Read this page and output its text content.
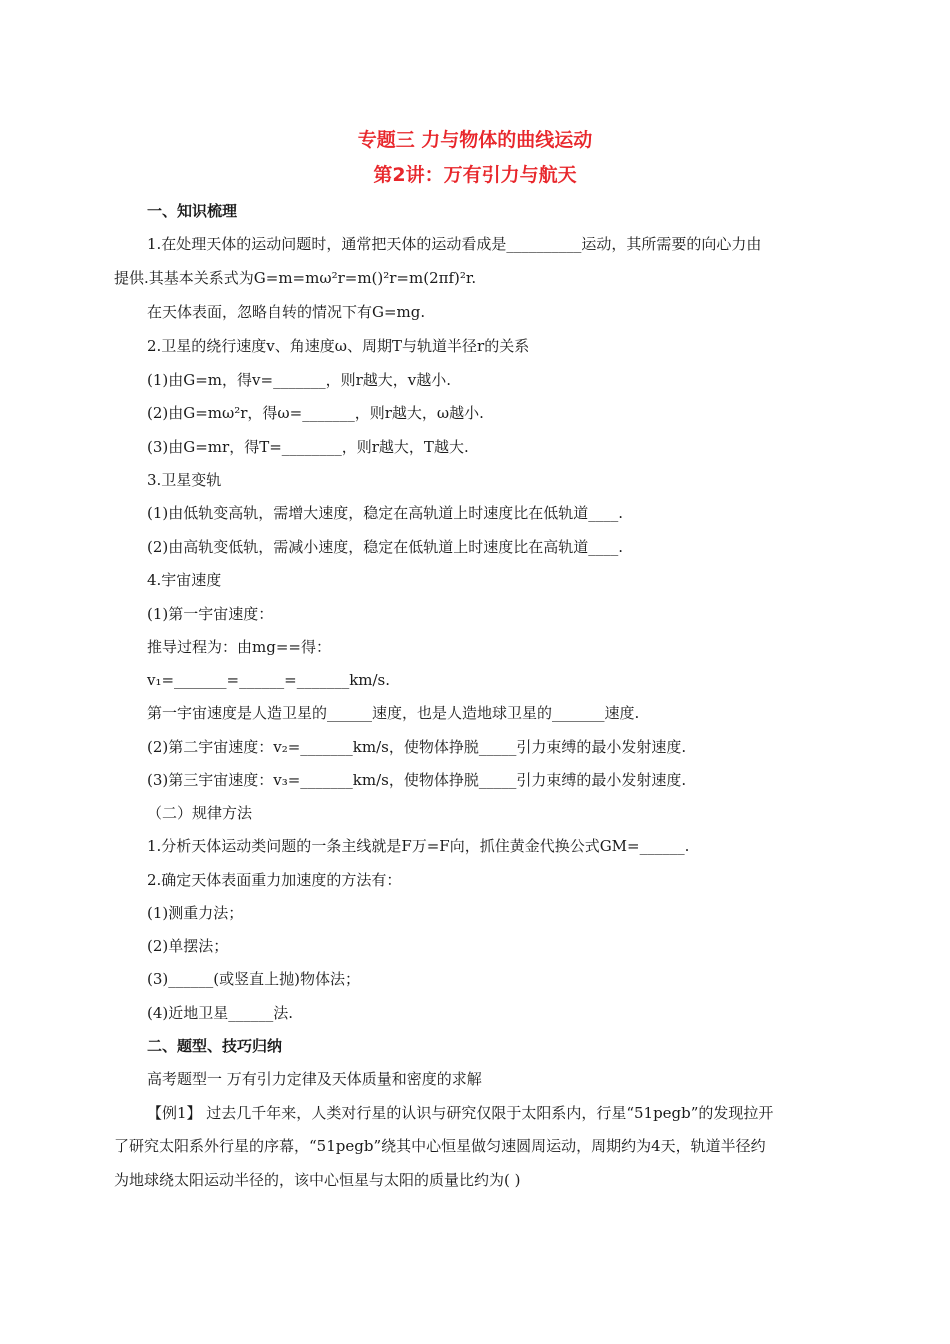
专题三 力与物体的曲线运动
第2讲：万有引力与航天
一、知识梳理
1.在处理天体的运动问题时，通常把天体的运动看成是__________运动，其所需要的向心力由
提供.其基本关系式为G=m=mω²r=m()²r=m(2πf)²r.
在天体表面，忽略自转的情况下有G=mg.
2.卫星的绕行速度v、角速度ω、周期T与轨道半径r的关系
(1)由G=m，得v=_______，则r越大，v越小.
(2)由G=mω²r，得ω=_______，则r越大，ω越小.
(3)由G=mr，得T=________，则r越大，T越大.
3.卫星变轨
(1)由低轨变高轨，需增大速度，稳定在高轨道上时速度比在低轨道____.
(2)由高轨变低轨，需减小速度，稳定在低轨道上时速度比在高轨道____.
4.宇宙速度
(1)第一宇宙速度：
推导过程为：由mg==得：
v₁=_______=______=_______km/s.
第一宇宙速度是人造卫星的______速度，也是人造地球卫星的_______速度.
(2)第二宇宙速度：v₂=_______km/s，使物体挣脱_____引力束缚的最小发射速度.
(3)第三宇宙速度：v₃=_______km/s，使物体挣脱_____引力束缚的最小发射速度.
（二）规律方法
1.分析天体运动类问题的一条主线就是F万=F向，抓住黄金代换公式GM=______.
2.确定天体表面重力加速度的方法有：
(1)测重力法；
(2)单摆法；
(3)______(或竖直上抛)物体法；
(4)近地卫星______法.
二、题型、技巧归纳
高考题型一 万有引力定律及天体质量和密度的求解
【例1】 过去几千年来，人类对行星的认识与研究仅限于太阳系内，行星“51pegb”的发现拉开
了研究太阳系外行星的序幕，“51pegb”绕其中心恒星做匀速圆周运动，周期约为4天，轨道半径约
为地球绕太阳运动半径的，该中心恒星与太阳的质量比约为( )
